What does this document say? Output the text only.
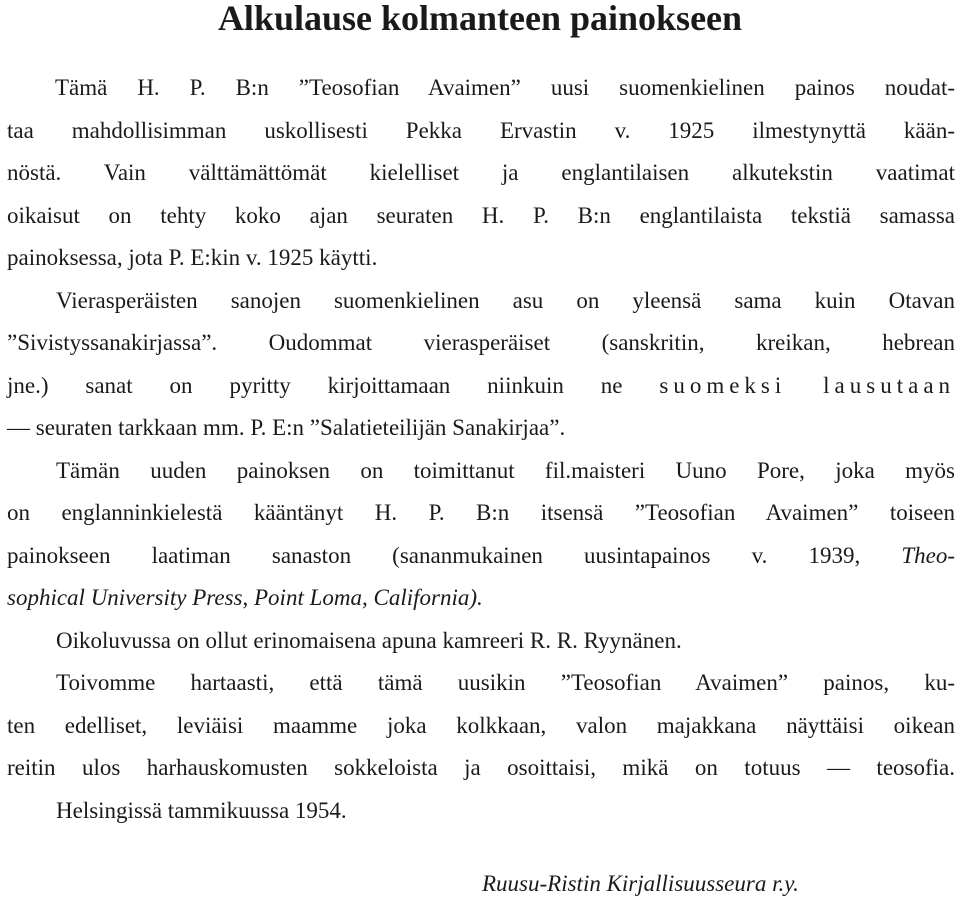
Alkulause kolmanteen painokseen
Tämä H. P. B:n ”Teosofian Avaimen” uusi suomenkielinen painos noudat-
taa mahdollisimman uskollisesti Pekka Ervastin v. 1925 ilmestynyttä kään-
nöstä. Vain välttämättömät kielelliset ja englantilaisen alkutekstin vaatimat
oikaisut on tehty koko ajan seuraten H. P. B:n englantilaista tekstiä samassa
painoksessa, jota P. E:kin v. 1925 käytti.
Vierasperäisten sanojen suomenkielinen asu on yleensä sama kuin Otavan
”Sivistyssanakirjassa”. Oudommat vierasperäiset (sanskritin, kreikan, hebrean
jne.) sanat on pyritty kirjoittamaan niinkuin ne suomeksi lausutaan
— seuraten tarkkaan mm. P. E:n ”Salatieteilijän Sanakirjaa”.
Tämän uuden painoksen on toimittanut fil.maisteri Uuno Pore, joka myös
on englanninkielestä kääntänyt H. P. B:n itsensä ”Teosofian Avaimen” toiseen
painokseen laatiman sanaston (sananmukainen uusintapainos v. 1939, Theo-
sophical University Press, Point Loma, California).
Oikoluvussa on ollut erinomaisena apuna kamreeri R. R. Ryynänen.
Toivomme hartaasti, että tämä uusikin ”Teosofian Avaimen” painos, ku-
ten edelliset, leviäisi maamme joka kolkkaan, valon majakkana näyttäisi oikean
reitin ulos harhauskomusten sokkeloista ja osoittaisi, mikä on totuus — teosofia.
Helsingissä tammikuussa 1954.
Ruusu-Ristin Kirjallisuusseura r.y.
